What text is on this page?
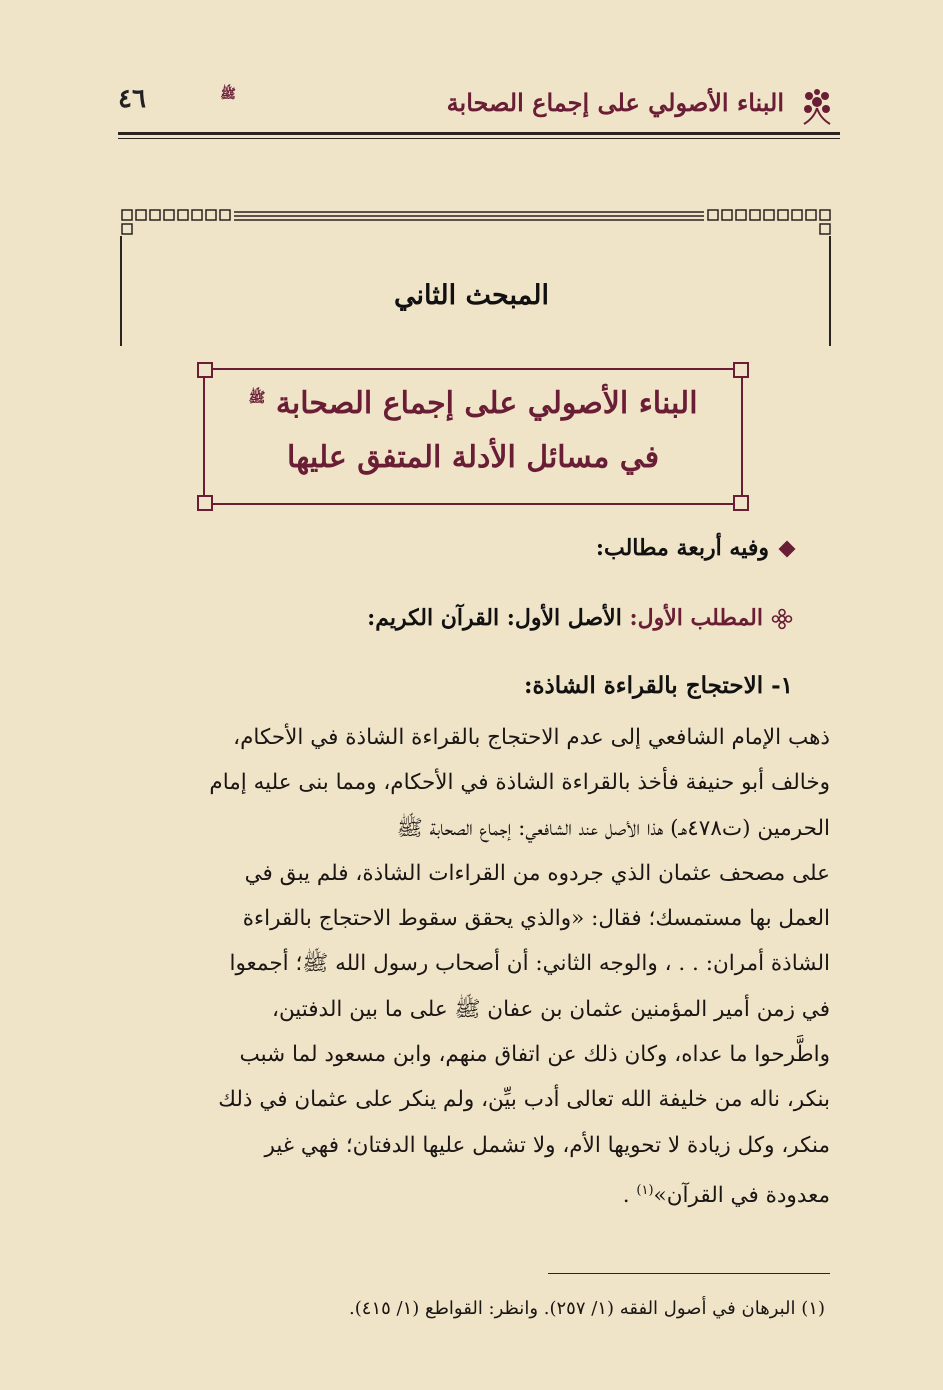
البناء الأصولي على إجماع الصحابة
ﷺ
٤٦
المبحث الثاني
البناء الأصولي على إجماع الصحابة $^ﷺ$
في مسائل الأدلة المتفق عليها
وفيه أربعة مطالب:
المطلب الأول: الأصل الأول: القرآن الكريم:
١- الاحتجاج بالقراءة الشاذة:
ذهب الإمام الشافعي إلى عدم الاحتجاج بالقراءة الشاذة في الأحكام،
وخالف أبو حنيفة فأخذ بالقراءة الشاذة في الأحكام، ومما بنى عليه إمام
الحرمين (ت٤٧٨هـ) هذا الأصل عند الشافعي: إجماع الصحابة ﷺ
على مصحف عثمان الذي جردوه من القراءات الشاذة، فلم يبق في
العمل بها مستمسك؛ فقال: «والذي يحقق سقوط الاحتجاج بالقراءة
الشاذة أمران: . . ، والوجه الثاني: أن أصحاب رسول الله ﷺ؛ أجمعوا
في زمن أمير المؤمنين عثمان بن عفان ﷺ على ما بين الدفتين،
واطَّرحوا ما عداه، وكان ذلك عن اتفاق منهم، وابن مسعود لما شبب
بنكر، ناله من خليفة الله تعالى أدب بيِّن، ولم ينكر على عثمان في ذلك
منكر، وكل زيادة لا تحويها الأم، ولا تشمل عليها الدفتان؛ فهي غير
معدودة في القرآن»$^{(١)}$ .
(١) البرهان في أصول الفقه (١/ ٢٥٧). وانظر: القواطع (١/ ٤١٥).
